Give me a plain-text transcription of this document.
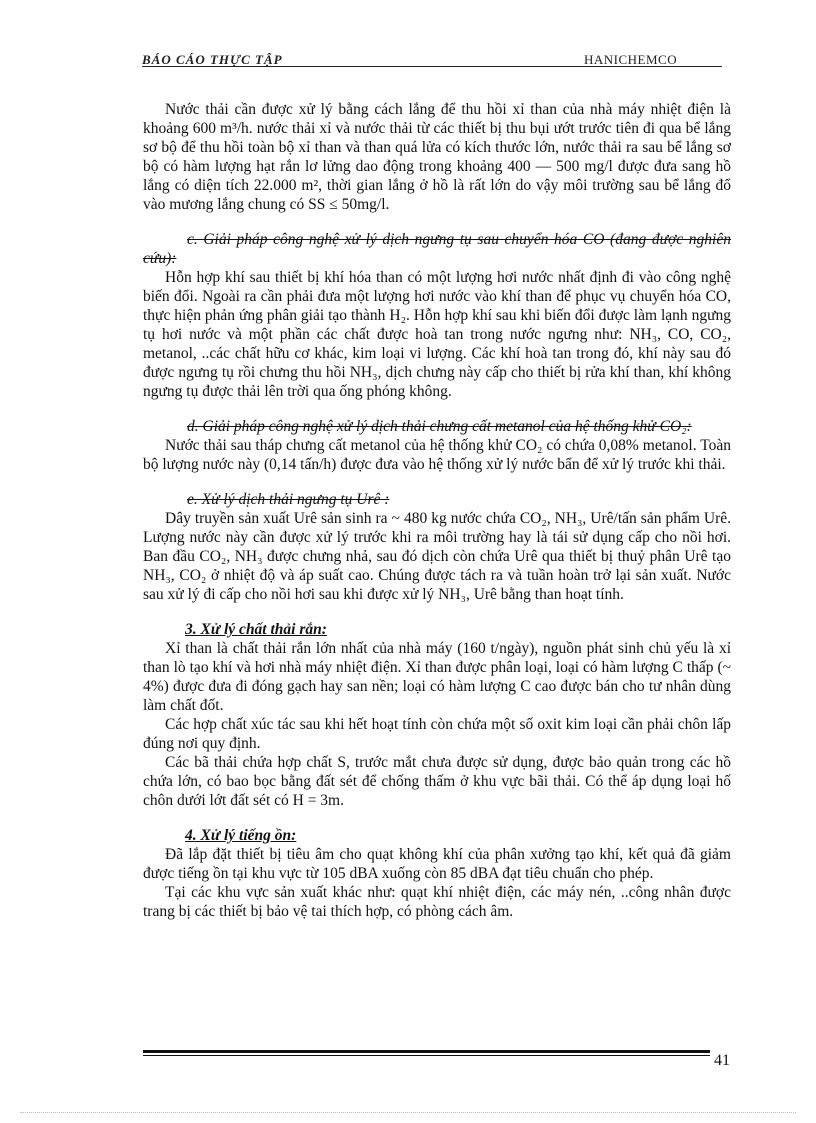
BÁO CÁO THỰC TẬP	HANICHEMCO

Nước thải cần được xử lý bằng cách lắng để thu hồi xỉ than của nhà máy nhiệt điện là khoảng 600 m³/h. nước thải xỉ và nước thải từ các thiết bị thu bụi ướt trước tiên đi qua bể lắng sơ bộ để thu hồi toàn bộ xỉ than và than quá lửa có kích thước lớn, nước thải ra sau bể lắng sơ bộ có hàm lượng hạt rắn lơ lửng dao động trong khoảng 400 — 500 mg/l được đưa sang hồ lắng có diện tích 22.000 m², thời gian lắng ở hồ là rất lớn do vậy môi trường sau bể lắng đổ vào mương lắng chung có SS ≤ 50mg/l.

c. Giải pháp công nghệ xử lý dịch ngưng tụ sau chuyển hóa CO (đang được nghiên cứu):

Hỗn hợp khí sau thiết bị khí hóa than có một lượng hơi nước nhất định đi vào công nghệ biến đổi. Ngoài ra cần phải đưa một lượng hơi nước vào khí than để phục vụ chuyển hóa CO, thực hiện phản ứng phân giải tạo thành H₂. Hỗn hợp khí sau khi biến đổi được làm lạnh ngưng tụ hơi nước và một phần các chất được hoà tan trong nước ngưng như: NH₃, CO, CO₂, metanol, ..các chất hữu cơ khác, kim loại vi lượng. Các khí hoà tan trong đó, khí này sau đó được ngưng tụ rồi chưng thu hồi NH₃, dịch chưng này cấp cho thiết bị rửa khí than, khí không ngưng tụ được thải lên trời qua ống phóng không.

d. Giải pháp công nghệ xử lý dịch thải chưng cất metanol của hệ thống khử CO₂:

Nước thải sau tháp chưng cất metanol của hệ thống khử CO₂ có chứa 0,08% metanol. Toàn bộ lượng nước này (0,14 tấn/h) được đưa vào hệ thống xử lý nước bẩn để xử lý trước khi thải.

e. Xử lý dịch thải ngưng tụ Urê :

Dây truyền sản xuất Urê sản sinh ra ~ 480 kg nước chứa CO₂, NH₃, Urê/tấn sản phẩm Urê. Lượng nước này cần được xử lý trước khi ra môi trường hay là tái sử dụng cấp cho nồi hơi. Ban đầu CO₂, NH₃ được chưng nhả, sau đó dịch còn chứa Urê qua thiết bị thuỷ phân Urê tạo NH₃, CO₂ ở nhiệt độ và áp suất cao. Chúng được tách ra và tuần hoàn trở lại sản xuất. Nước sau xử lý đi cấp cho nồi hơi sau khi được xử lý NH₃, Urê bằng than hoạt tính.

3. Xử lý chất thải rắn:

Xỉ than là chất thải rắn lớn nhất của nhà máy (160 t/ngày), nguồn phát sinh chủ yếu là xỉ than lò tạo khí và hơi nhà máy nhiệt điện. Xỉ than được phân loại, loại có hàm lượng C thấp (~ 4%) được đưa đi đóng gạch hay san nền; loại có hàm lượng C cao được bán cho tư nhân dùng làm chất đốt.

Các hợp chất xúc tác sau khi hết hoạt tính còn chứa một số oxit kim loại cần phải chôn lấp đúng nơi quy định.

Các bã thải chứa hợp chất S, trước mắt chưa được sử dụng, được bảo quản trong các hồ chứa lớn, có bao bọc bằng đất sét để chống thấm ở khu vực bãi thải. Có thể áp dụng loại hố chôn dưới lớt đất sét có H = 3m.

4. Xử lý tiếng ồn:

Đã lắp đặt thiết bị tiêu âm cho quạt không khí của phân xưởng tạo khí, kết quả đã giảm được tiếng ồn tại khu vực từ 105 dBA xuống còn 85 dBA đạt tiêu chuẩn cho phép.

Tại các khu vực sản xuất khác như: quạt khí nhiệt điện, các máy nén, ..công nhân được trang bị các thiết bị bảo vệ tai thích hợp, có phòng cách âm.

41
